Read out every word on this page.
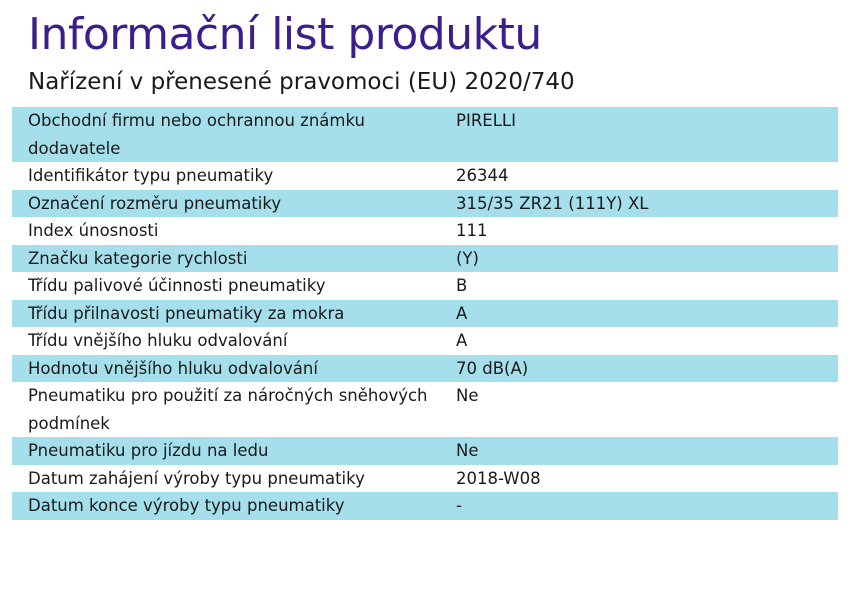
Informační list produktu
Nařízení v přenesené pravomoci (EU) 2020/740
Obchodní firmu nebo ochrannou známku dodavatele	PIRELLI
Identifikátor typu pneumatiky	26344
Označení rozměru pneumatiky	315/35 ZR21 (111Y) XL
Index únosnosti	111
Značku kategorie rychlosti	(Y)
Třídu palivové účinnosti pneumatiky	B
Třídu přilnavosti pneumatiky za mokra	A
Třídu vnějšího hluku odvalování	A
Hodnotu vnějšího hluku odvalování	70 dB(A)
Pneumatiku pro použití za náročných sněhových podmínek	Ne
Pneumatiku pro jízdu na ledu	Ne
Datum zahájení výroby typu pneumatiky	2018-W08
Datum konce výroby typu pneumatiky	-
